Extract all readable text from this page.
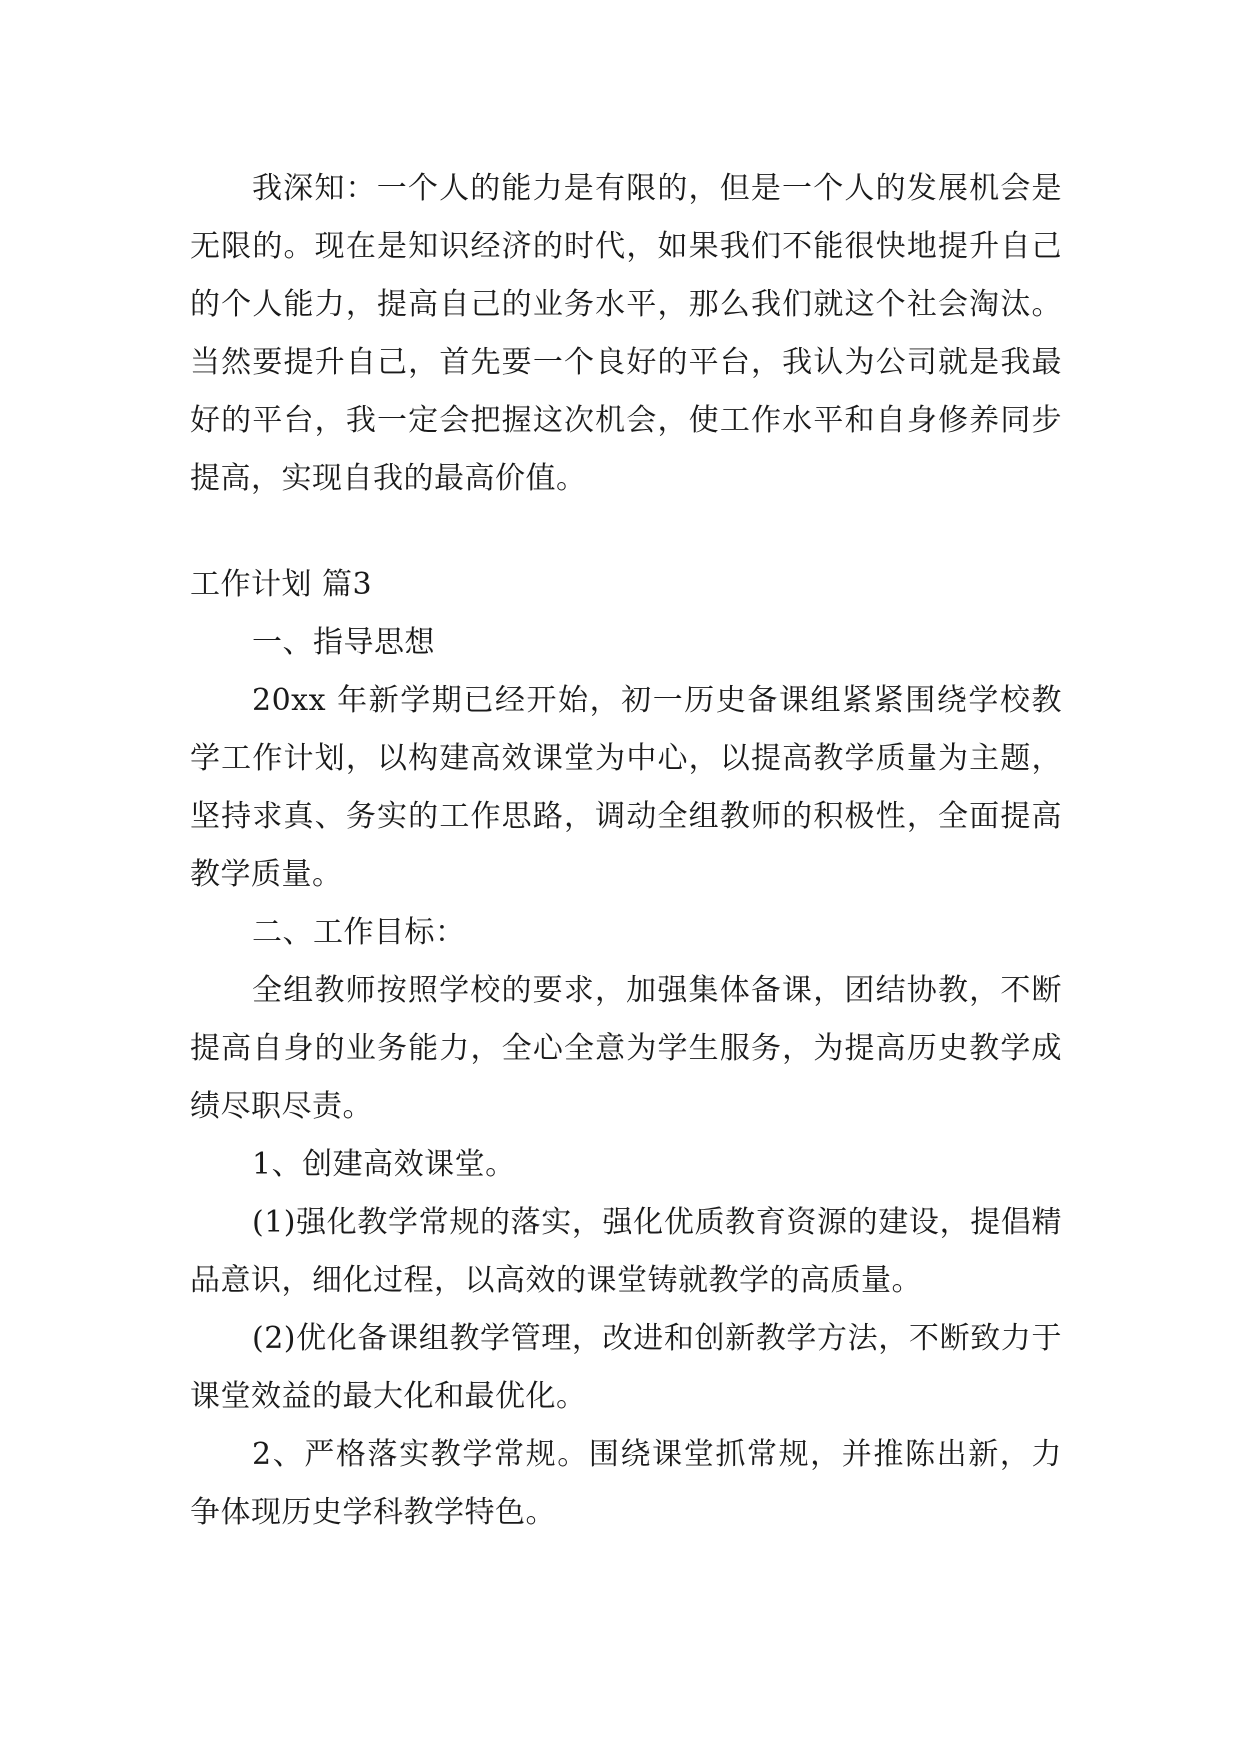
我深知：一个人的能力是有限的，但是一个人的发展机会是无限的。现在是知识经济的时代，如果我们不能很快地提升自己的个人能力，提高自己的业务水平，那么我们就这个社会淘汰。当然要提升自己，首先要一个良好的平台，我认为公司就是我最好的平台，我一定会把握这次机会，使工作水平和自身修养同步提高，实现自我的最高价值。

工作计划 篇3

一、指导思想

20xx 年新学期已经开始，初一历史备课组紧紧围绕学校教学工作计划，以构建高效课堂为中心，以提高教学质量为主题，坚持求真、务实的工作思路，调动全组教师的积极性，全面提高教学质量。

二、工作目标：

全组教师按照学校的要求，加强集体备课，团结协教，不断提高自身的业务能力，全心全意为学生服务，为提高历史教学成绩尽职尽责。

1、创建高效课堂。

(1)强化教学常规的落实，强化优质教育资源的建设，提倡精品意识，细化过程，以高效的课堂铸就教学的高质量。

(2)优化备课组教学管理，改进和创新教学方法，不断致力于课堂效益的最大化和最优化。

2、严格落实教学常规。围绕课堂抓常规，并推陈出新，力争体现历史学科教学特色。
